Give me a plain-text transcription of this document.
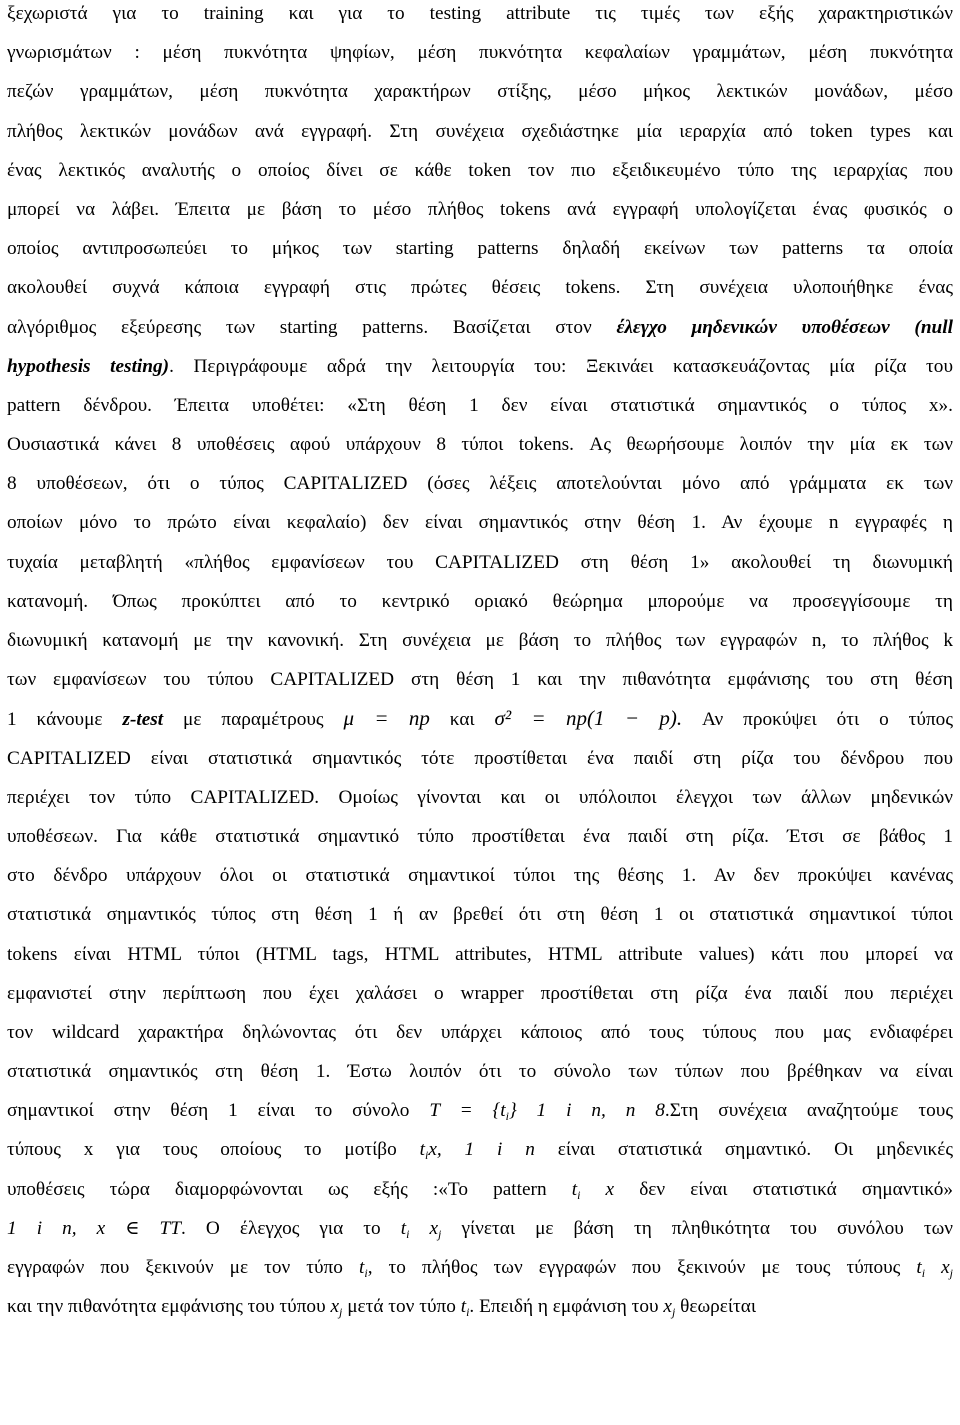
ξεχωριστά για το training και για το testing attribute τις τιμές των εξής χαρακτηριστικών
γνωρισμάτων : μέση πυκνότητα ψηφίων, μέση πυκνότητα κεφαλαίων γραμμάτων, μέση πυκνότητα
πεζών γραμμάτων, μέση πυκνότητα χαρακτήρων στίξης, μέσο μήκος λεκτικών μονάδων, μέσο
πλήθος λεκτικών μονάδων ανά εγγραφή. Στη συνέχεια σχεδιάστηκε μία ιεραρχία από token types και
ένας λεκτικός αναλυτής ο οποίος δίνει σε κάθε token τον πιο εξειδικευμένο τύπο της ιεραρχίας που
μπορεί να λάβει. Έπειτα με βάση το μέσο πλήθος tokens ανά εγγραφή υπολογίζεται ένας φυσικός ο
οποίος αντιπροσωπεύει το μήκος των starting patterns δηλαδή εκείνων των patterns τα οποία
ακολουθεί συχνά κάποια εγγραφή στις πρώτες θέσεις tokens. Στη συνέχεια υλοποιήθηκε ένας
αλγόριθμος εξεύρεσης των starting patterns. Βασίζεται στον έλεγχο μηδενικών υποθέσεων (null
hypothesis testing). Περιγράφουμε αδρά την λειτουργία του: Ξεκινάει κατασκευάζοντας μία ρίζα του
pattern δένδρου. Έπειτα υποθέτει: «Στη θέση 1 δεν είναι στατιστικά σημαντικός ο τύπος x».
Ουσιαστικά κάνει 8 υποθέσεις αφού υπάρχουν 8 τύποι tokens. Ας θεωρήσουμε λοιπόν την μία εκ των
8 υποθέσεων, ότι ο τύπος CAPITALIZED (όσες λέξεις αποτελούνται μόνο από γράμματα εκ των
οποίων μόνο το πρώτο είναι κεφαλαίο) δεν είναι σημαντικός στην θέση 1. Αν έχουμε n εγγραφές η
τυχαία μεταβλητή «πλήθος εμφανίσεων του CAPITALIZED στη θέση 1» ακολουθεί τη διωνυμική
κατανομή. Όπως προκύπτει από το κεντρικό οριακό θεώρημα μπορούμε να προσεγγίσουμε τη
διωνυμική κατανομή με την κανονική. Στη συνέχεια με βάση το πλήθος των εγγραφών n, το πλήθος k
των εμφανίσεων του τύπου CAPITALIZED στη θέση 1 και την πιθανότητα εμφάνισης του στη θέση
1 κάνουμε z-test με παραμέτρους μ = np και σ² = np(1 − p). Αν προκύψει ότι ο τύπος
CAPITALIZED είναι στατιστικά σημαντικός τότε προστίθεται ένα παιδί στη ρίζα του δένδρου που
περιέχει τον τύπο CAPITALIZED. Ομοίως γίνονται και οι υπόλοιποι έλεγχοι των άλλων μηδενικών
υποθέσεων. Για κάθε στατιστικά σημαντικό τύπο προστίθεται ένα παιδί στη ρίζα. Έτσι σε βάθος 1
στο δένδρο υπάρχουν όλοι οι στατιστικά σημαντικοί τύποι της θέσης 1. Αν δεν προκύψει κανένας
στατιστικά σημαντικός τύπος στη θέση 1 ή αν βρεθεί ότι στη θέση 1 οι στατιστικά σημαντικοί τύποι
tokens είναι HTML τύποι (HTML tags, HTML attributes, HTML attribute values) κάτι που μπορεί να
εμφανιστεί στην περίπτωση που έχει χαλάσει ο wrapper προστίθεται στη ρίζα ένα παιδί που περιέχει
τον wildcard χαρακτήρα δηλώνοντας ότι δεν υπάρχει κάποιος από τους τύπους που μας ενδιαφέρει
στατιστικά σημαντικός στη θέση 1. Έστω λοιπόν ότι το σύνολο των τύπων που βρέθηκαν να είναι
σημαντικοί στην θέση 1 είναι το σύνολο $T = \{t_i\}$ 1 i n, n 8.Στη συνέχεια αναζητούμε τους
τύπους x για τους οποίους το μοτίβο $t_ix$, 1 i n είναι στατιστικά σημαντικό. Οι μηδενικές
υποθέσεις τώρα διαμορφώνονται ως εξής :«Το pattern $t_i$ x δεν είναι στατιστικά σημαντικό»
1 i n, x ∈ TT. Ο έλεγχος για το $t_i$ $x_j$ γίνεται με βάση τη πληθικότητα του συνόλου των
εγγραφών που ξεκινούν με τον τύπο $t_i$, το πλήθος των εγγραφών που ξεκινούν με τους τύπους $t_i$ $x_j$
και την πιθανότητα εμφάνισης του τύπου $x_j$ μετά τον τύπο $t_i$. Επειδή η εμφάνιση του $x_j$ θεωρείται
